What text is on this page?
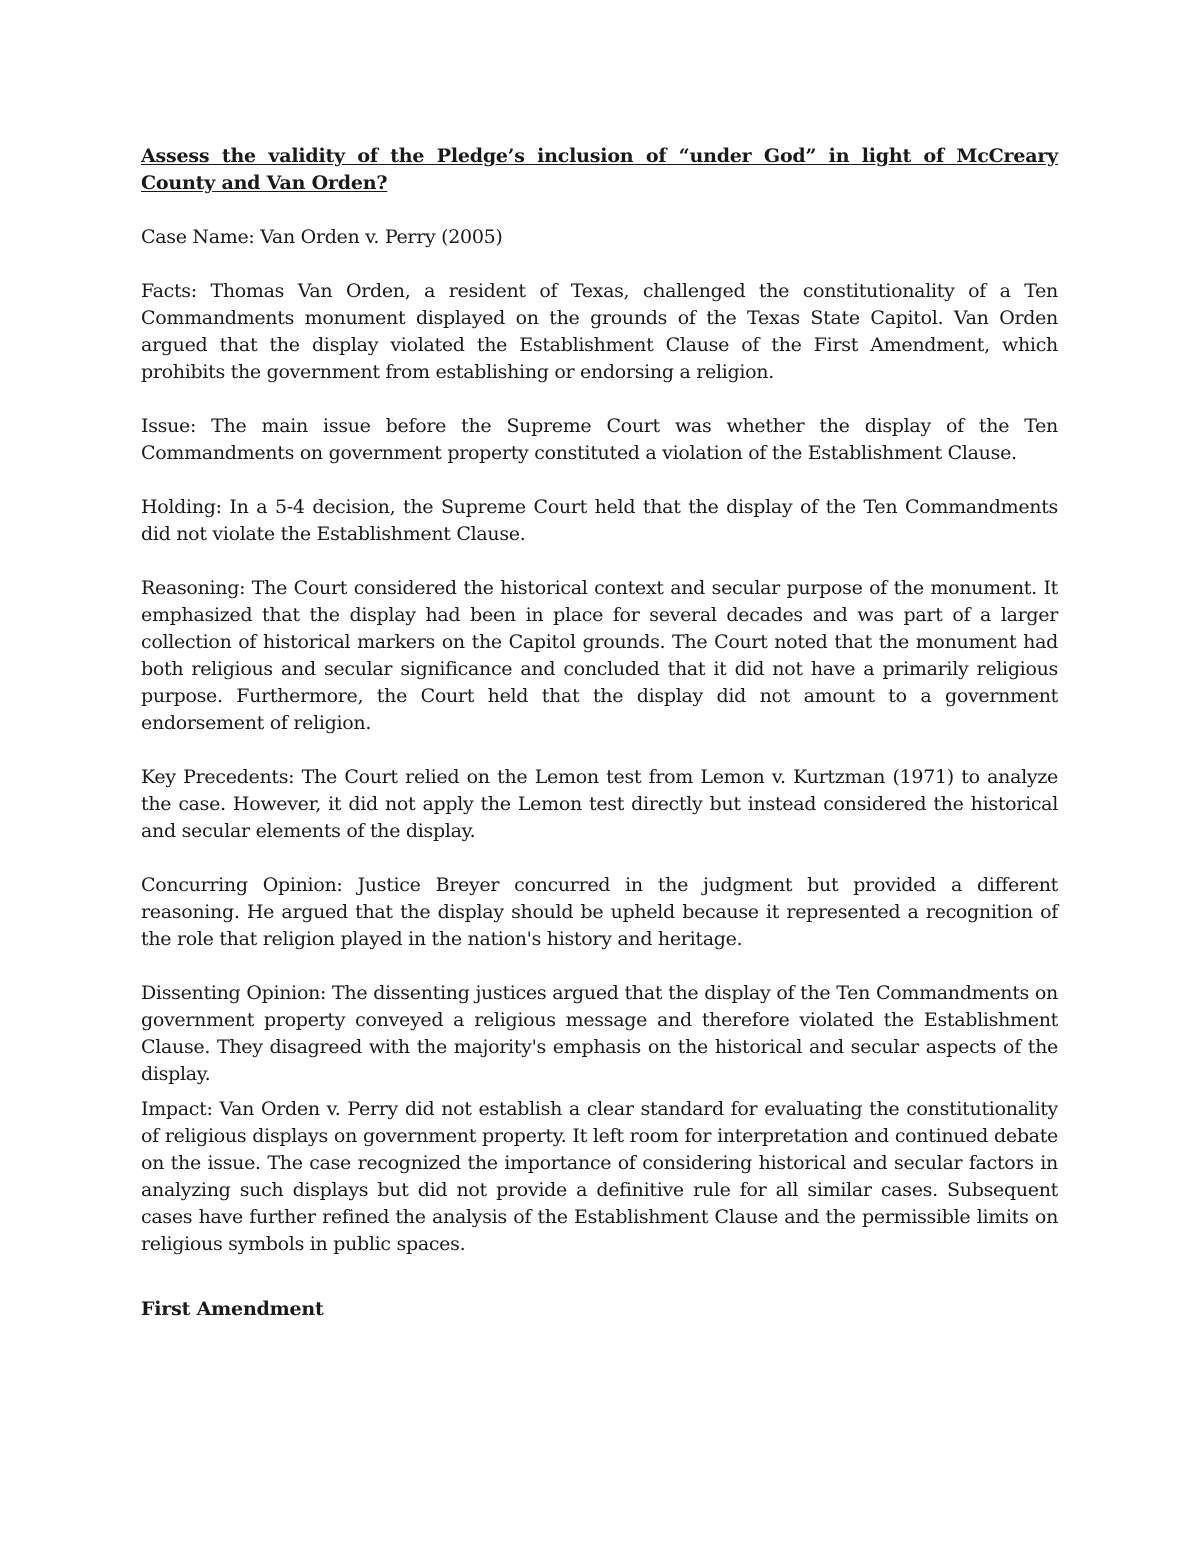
Assess the validity of the Pledge’s inclusion of “under God” in light of McCreary County and Van Orden?

Case Name: Van Orden v. Perry (2005)

Facts: Thomas Van Orden, a resident of Texas, challenged the constitutionality of a Ten Commandments monument displayed on the grounds of the Texas State Capitol. Van Orden argued that the display violated the Establishment Clause of the First Amendment, which prohibits the government from establishing or endorsing a religion.

Issue: The main issue before the Supreme Court was whether the display of the Ten Commandments on government property constituted a violation of the Establishment Clause.

Holding: In a 5-4 decision, the Supreme Court held that the display of the Ten Commandments did not violate the Establishment Clause.

Reasoning: The Court considered the historical context and secular purpose of the monument. It emphasized that the display had been in place for several decades and was part of a larger collection of historical markers on the Capitol grounds. The Court noted that the monument had both religious and secular significance and concluded that it did not have a primarily religious purpose. Furthermore, the Court held that the display did not amount to a government endorsement of religion.

Key Precedents: The Court relied on the Lemon test from Lemon v. Kurtzman (1971) to analyze the case. However, it did not apply the Lemon test directly but instead considered the historical and secular elements of the display.

Concurring Opinion: Justice Breyer concurred in the judgment but provided a different reasoning. He argued that the display should be upheld because it represented a recognition of the role that religion played in the nation's history and heritage.

Dissenting Opinion: The dissenting justices argued that the display of the Ten Commandments on government property conveyed a religious message and therefore violated the Establishment Clause. They disagreed with the majority's emphasis on the historical and secular aspects of the display.

Impact: Van Orden v. Perry did not establish a clear standard for evaluating the constitutionality of religious displays on government property. It left room for interpretation and continued debate on the issue. The case recognized the importance of considering historical and secular factors in analyzing such displays but did not provide a definitive rule for all similar cases. Subsequent cases have further refined the analysis of the Establishment Clause and the permissible limits on religious symbols in public spaces.

First Amendment
